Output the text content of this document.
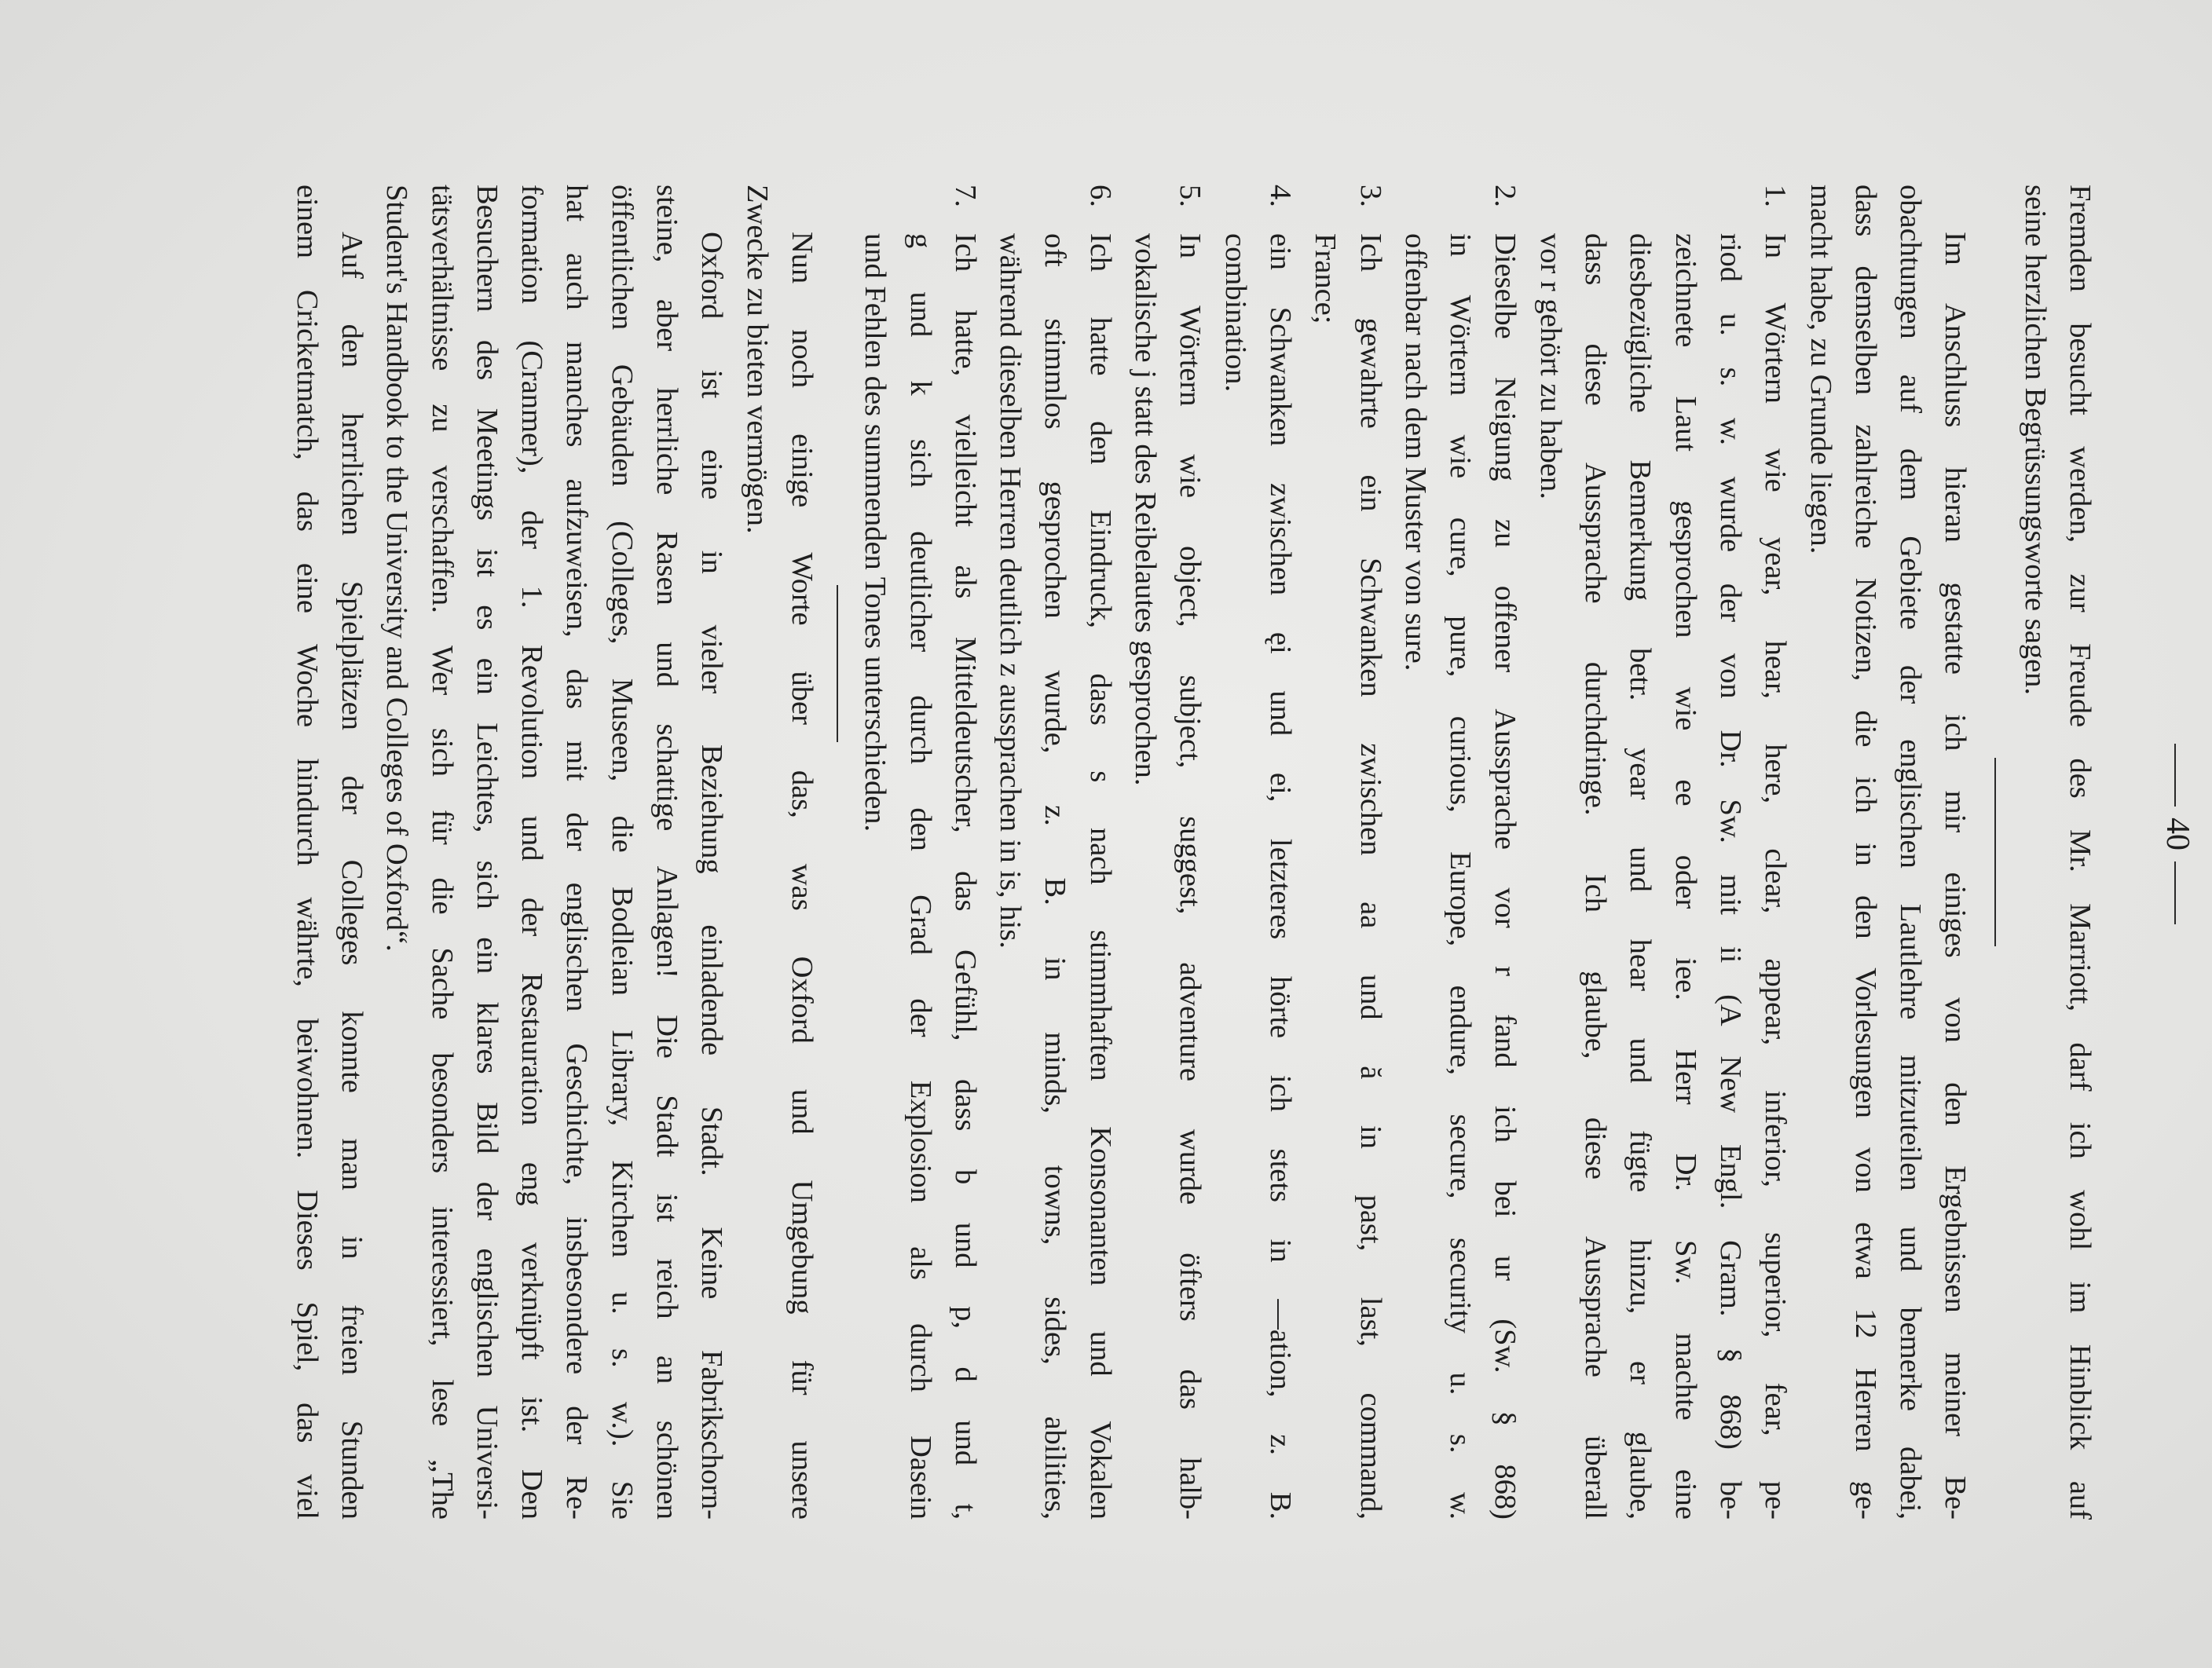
40
Fremden besucht werden, zur Freude des Mr. Marriott, darf ich wohl im Hinblick auf
seine herzlichen Begrüssungsworte sagen.
Im Anschluss hieran gestatte ich mir einiges von den Ergebnissen meiner Be-
obachtungen auf dem Gebiete der englischen Lautlehre mitzuteilen und bemerke dabei,
dass demselben zahlreiche Notizen, die ich in den Vorlesungen von etwa 12 Herren ge-
macht habe, zu Grunde liegen.
1.In Wörtern wie year, hear, here, clear, appear, inferior, superior, fear, pe-
riod u. s. w. wurde der von Dr. Sw. mit ii (A New Engl. Gram. § 868) be-
zeichnete Laut gesprochen wie ee oder iee. Herr Dr. Sw. machte eine
diesbezügliche Bemerkung betr. year und hear und fügte hinzu, er glaube,
dass diese Aussprache durchdringe. Ich glaube, diese Aussprache überall
vor r gehört zu haben.
2.Dieselbe Neigung zu offener Aussprache vor r fand ich bei ur (Sw. § 868)
in Wörtern wie cure, pure, curious, Europe, endure, secure, security u. s. w.
offenbar nach dem Muster von sure.
3.Ich gewahrte ein Schwanken zwischen aa und ă in past, last, command,
France;
4.ein Schwanken zwischen ęi und ei, letzteres hörte ich stets in —ation, z. B.
combination.
5.In Wörtern wie object, subject, suggest, adventure wurde öfters das halb-
vokalische j statt des Reibelautes gesprochen.
6.Ich hatte den Eindruck, dass s nach stimmhaften Konsonanten und Vokalen
oft stimmlos gesprochen wurde, z. B. in minds, towns, sides, abilities,
während dieselben Herren deutlich z aussprachen in is, his.
7.Ich hatte, vielleicht als Mitteldeutscher, das Gefühl, dass b und p, d und t,
g und k sich deutlicher durch den Grad der Explosion als durch Dasein
und Fehlen des summenden Tones unterschieden.
Nun noch einige Worte über das, was Oxford und Umgebung für unsere
Zwecke zu bieten vermögen.
Oxford ist eine in vieler Beziehung einladende Stadt. Keine Fabrikschorn-
steine, aber herrliche Rasen und schattige Anlagen! Die Stadt ist reich an schönen
öffentlichen Gebäuden (Colleges, Museen, die Bodleian Library, Kirchen u. s. w.). Sie
hat auch manches aufzuweisen, das mit der englischen Geschichte, insbesondere der Re-
formation (Cranmer), der 1. Revolution und der Restauration eng verknüpft ist. Den
Besuchern des Meetings ist es ein Leichtes, sich ein klares Bild der englischen Universi-
tätsverhältnisse zu verschaffen. Wer sich für die Sache besonders interessiert, lese „The
Student's Handbook to the University and Colleges of Oxford“.
Auf den herrlichen Spielplätzen der Colleges konnte man in freien Stunden
einem Cricketmatch, das eine Woche hindurch währte, beiwohnen. Dieses Spiel, das viel
